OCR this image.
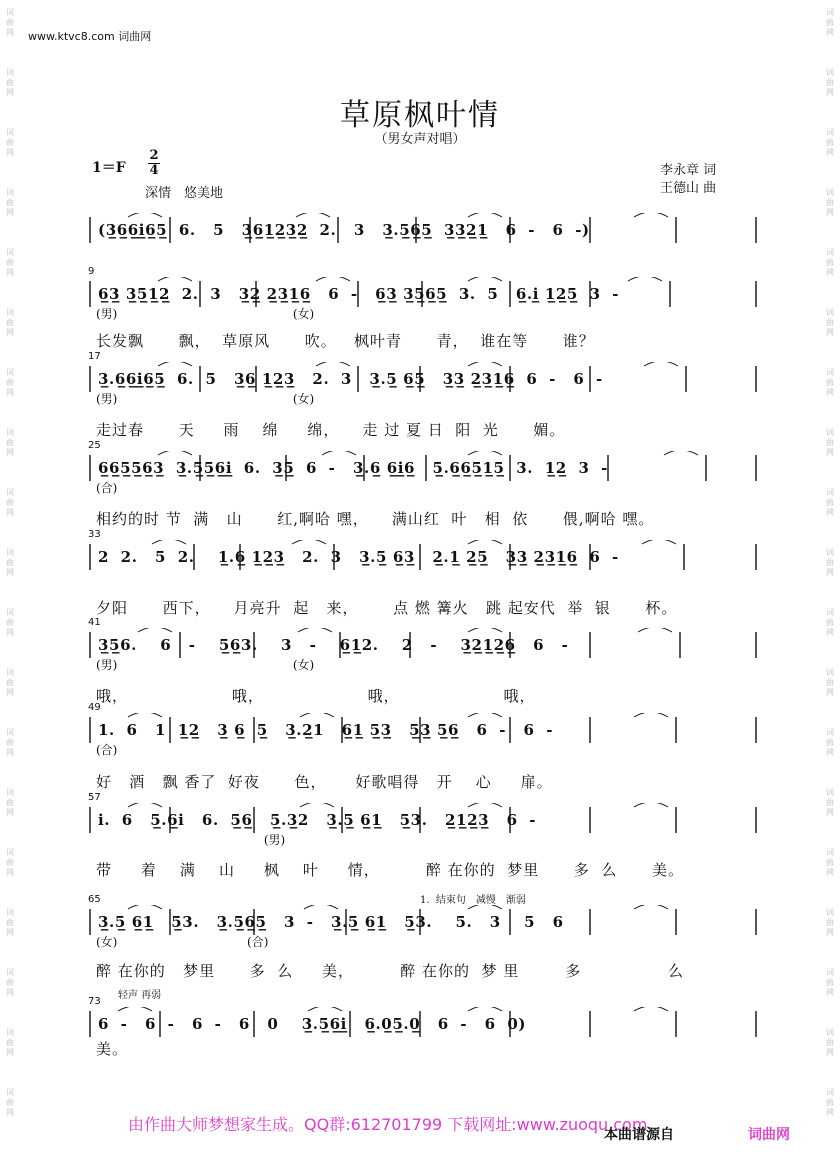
词
曲
网
词
曲
网
词
曲
网
词
曲
网
词
曲
网
词
曲
网
词
曲
网
词
曲
网
词
曲
网
词
曲
网
词
曲
网
词
曲
网
词
曲
网
词
曲
网
词
曲
网
词
曲
网
词
曲
网
词
曲
网
词
曲
网
词
曲
网
词
曲
网
词
曲
网
词
曲
网
词
曲
网
词
曲
网
词
曲
网
词
曲
网
词
曲
网
词
曲
网
词
曲
网
词
曲
网
词
曲
网
词
曲
网
词
曲
网
词
曲
网
词
曲
网
词
曲
网
词
曲
网
www.ktvc8.com 词曲网
草原枫叶情
（男女声对唱）
1＝F
2
4
深情　悠美地
李永章 词
王德山 曲
(3̲6̲6̲i̲6̲5̲  6.   5   3̲6̲1̲2̲3̲2̲  2.   3   3̲.5̲6̲5̲  3̲3̲2̲1̲   6  -   6  -)
9
6̲3̲ 3̲5̲1̲2̲  2.  3   3̲2̲ 2̲3̲1̲6̲   6  -   6̲3̲ 3̲5̲6̲5̲  3.  5   6̲.i̲ 1̲2̲5̲  3  -
(男)                                              (女)
长发飘      飘，  草原风      吹。   枫叶青      青，  谁在等      谁？
17
3̲.6̲6̲i̲6̲5̲  6.  5   3̲6̲ 1̲2̲3̲   2.  3   3̲.5̲ 6̲5̲   3̲3̲ 2̲3̲1̲6̲  6  -   6  -
(男)                                              (女)
走过春      天     雨    绵     绵，    走 过 夏 日  阳  光      媚。
25
6̲6̲5̲5̲6̲3̲  3̲.5̲5̲6̲i̲  6.  3̲5̲  6  -   3̲.6̲ 6̲i̲6̲   5̲.6̲6̲5̲1̲5̲  3.  1̲2̲  3  -
(合)
相约的时 节  满   山      红,啊哈 嘿，    满山红  叶   相  依      偎,啊哈 嘿。
33
2  2.   5  2.    1̲.6̲ 1̲2̲3̲   2.  3   3̲.5̲ 6̲3̲   2̲.1̲ 2̲5̲   3̲3̲ 2̲3̲1̲6̲  6  -
夕阳      西下，    月亮升  起   来，      点 燃 篝火   跳 起安代  举  银      杯。
41
3̲5̲6.    6   -    5̲6̲3.    3   -    6̲1̲2.    2   -    3̲2̲1̲2̲6̲   6   -
(男)                                              (女)
哦，                  哦，                  哦，                  哦，
49
1.  6   1  1̲2̲   3̲ 6̲  5̲   3̲.2̲1   6̲1̲ 5̲3̲   5̲3̲ 5̲6̲   6  -   6  -
(合)
好   酒   飘 香了  好夜      色，     好歌唱得   开    心     扉。
57
i.  6   5̲.6̲i   6.  5̲6̲   5̲.3̲2   3̲.5̲ 6̲1̲   5̲3.   2̲1̲2̲3̲   6  -
(男)
带     着    满    山     枫    叶     情，        醉 在你的  梦里      多  么      美。
65
3̲.5̲ 6̲1̲   5̲3.   3̲.5̲6̲5̲   3  -   3̲.5̲ 6̲1̲   5̲3.    5.   3    5   6
(女)                                  (合)
醉 在你的   梦里      多  么     美，        醉 在你的  梦 里        多               么
73
6  -   6  -   6  -   6   0    3̲.5̲6̲i̲   6̲.0̲5̲.0̲   6  -   6  0)
美。
1.  结束句　减慢　渐弱
轻声 再弱
由作曲大师梦想家生成。QQ群:612701799 下载网址:www.zuoqu.com
本曲谱源自	词曲网
